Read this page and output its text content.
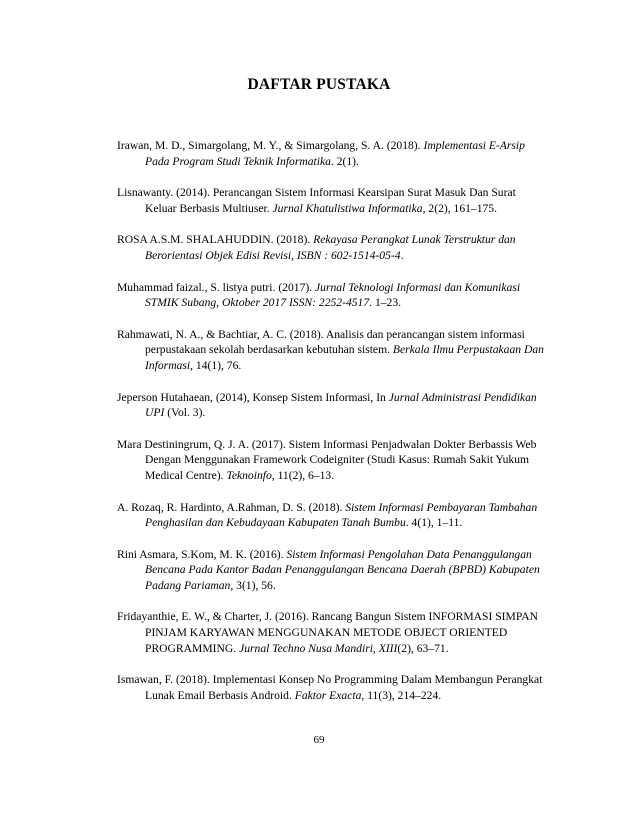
DAFTAR PUSTAKA

Irawan, M. D., Simargolang, M. Y., & Simargolang, S. A. (2018). Implementasi E-Arsip Pada Program Studi Teknik Informatika. 2(1).

Lisnawanty. (2014). Perancangan Sistem Informasi Kearsipan Surat Masuk Dan Surat Keluar Berbasis Multiuser. Jurnal Khatulistiwa Informatika, 2(2), 161–175.

ROSA A.S.M. SHALAHUDDIN. (2018). Rekayasa Perangkat Lunak Terstruktur dan Berorientasi Objek Edisi Revisi, ISBN : 602-1514-05-4.

Muhammad faizal., S. listya putri. (2017). Jurnal Teknologi Informasi dan Komunikasi STMIK Subang, Oktober 2017 ISSN: 2252-4517. 1–23.

Rahmawati, N. A., & Bachtiar, A. C. (2018). Analisis dan perancangan sistem informasi perpustakaan sekolah berdasarkan kebutuhan sistem. Berkala Ilmu Perpustakaan Dan Informasi, 14(1), 76.

Jeperson Hutahaean, (2014), Konsep Sistem Informasi, In Jurnal Administrasi Pendidikan UPI (Vol. 3).

Mara Destiningrum, Q. J. A. (2017). Sistem Informasi Penjadwalan Dokter Berbassis Web Dengan Menggunakan Framework Codeigniter (Studi Kasus: Rumah Sakit Yukum Medical Centre). Teknoinfo, 11(2), 6–13.

A. Rozaq, R. Hardinto, A.Rahman, D. S. (2018). Sistem Informasi Pembayaran Tambahan Penghasilan dan Kebudayaan Kabupaten Tanah Bumbu. 4(1), 1–11.

Rini Asmara, S.Kom, M. K. (2016). Sistem Informasi Pengolahan Data Penanggulangan Bencana Pada Kantor Badan Penanggulangan Bencana Daerah (BPBD) Kabupaten Padang Pariaman, 3(1), 56.

Fridayanthie, E. W., & Charter, J. (2016). Rancang Bangun Sistem INFORMASI SIMPAN PINJAM KARYAWAN MENGGUNAKAN METODE OBJECT ORIENTED PROGRAMMING. Jurnal Techno Nusa Mandiri, XIII(2), 63–71.

Ismawan, F. (2018). Implementasi Konsep No Programming Dalam Membangun Perangkat Lunak Email Berbasis Android. Faktor Exacta, 11(3), 214–224.

69
